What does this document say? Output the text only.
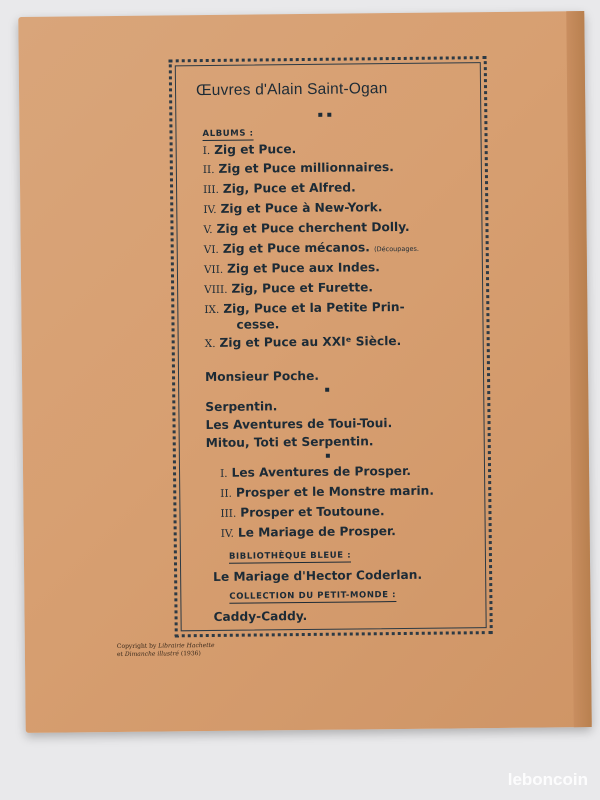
Œuvres d'Alain Saint-Ogan
ALBUMS :
I. Zig et Puce.
II. Zig et Puce millionnaires.
III. Zig, Puce et Alfred.
IV. Zig et Puce à New-York.
V. Zig et Puce cherchent Dolly.
VI. Zig et Puce mécanos. (Découpages.
VII. Zig et Puce aux Indes.
VIII. Zig, Puce et Furette.
IX. Zig, Puce et la Petite Prin-
cesse.
X. Zig et Puce au XXIᵉ Siècle.
Monsieur Poche.
Serpentin.
Les Aventures de Toui-Toui.
Mitou, Toti et Serpentin.
I. Les Aventures de Prosper.
II. Prosper et le Monstre marin.
III. Prosper et Toutoune.
IV. Le Mariage de Prosper.
BIBLIOTHÈQUE BLEUE :
Le Mariage d'Hector Coderlan.
COLLECTION DU PETIT-MONDE :
Caddy-Caddy.
Copyright by Librairie Hachette
et Dimanche illustré (1936)
leboncoin
